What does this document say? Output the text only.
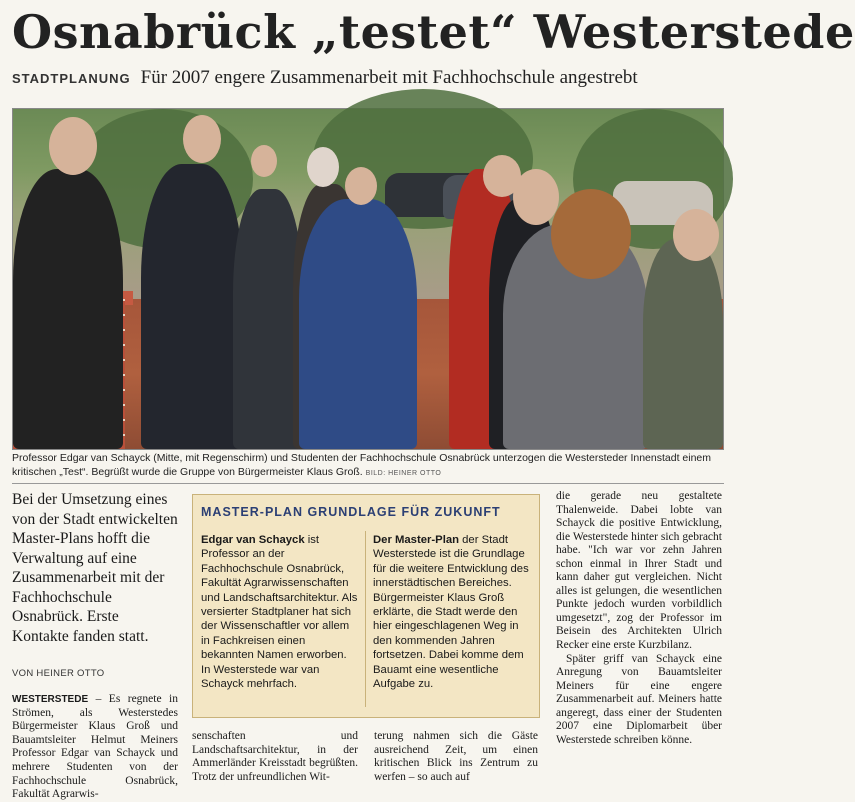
Osnabrück „testet“ Westerstede
STADTPLANUNG Für 2007 engere Zusammenarbeit mit Fachhochschule angestrebt
Professor Edgar van Schayck (Mitte, mit Regenschirm) und Studenten der Fachhochschule Osnabrück unterzogen die Westersteder Innenstadt einem kritischen „Test“. Begrüßt wurde die Gruppe von Bürgermeister Klaus Groß. BILD: HEINER OTTO

Bei der Umsetzung eines von der Stadt entwickelten Master-Plans hofft die Verwaltung auf eine Zusammenarbeit mit der Fachhochschule Osnabrück. Erste Kontakte fanden statt.

VON HEINER OTTO
WESTERSTEDE – Es regnete in Strömen, als Westerstedes Bürgermeister Klaus Groß und Bauamtsleiter Helmut Meiners Professor Edgar van Schayck und mehrere Studenten von der Fachhochschule Osnabrück, Fakultät Agrarwis-
MASTER-PLAN GRUNDLAGE FÜR ZUKUNFT
Edgar van Schayck ist Professor an der Fachhochschule Osnabrück, Fakultät Agrarwissenschaften und Landschaftsarchitektur. Als versierter Stadtplaner hat sich der Wissenschaftler vor allem in Fachkreisen einen bekannten Namen erworben. In Westerstede war van Schayck mehrfach.
Der Master-Plan der Stadt Westerstede ist die Grundlage für die weitere Entwicklung des innerstädtischen Bereiches. Bürgermeister Klaus Groß erklärte, die Stadt werde den hier eingeschlagenen Weg in den kommenden Jahren fortsetzen. Dabei komme dem Bauamt eine wesentliche Aufgabe zu.
senschaften und Landschaftsarchitektur, in der Ammerländer Kreisstadt begrüßten. Trotz der unfreundlichen Wit-
terung nahmen sich die Gäste ausreichend Zeit, um einen kritischen Blick ins Zentrum zu werfen – so auch auf

die gerade neu gestaltete Thalenweide. Dabei lobte van Schayck die positive Entwicklung, die Westerstede hinter sich gebracht habe. "Ich war vor zehn Jahren schon einmal in Ihrer Stadt und kann daher gut vergleichen. Nicht alles ist gelungen, die wesentlichen Punkte jedoch wurden vorbildlich umgesetzt", zog der Professor im Beisein des Architekten Ulrich Recker eine erste Kurzbilanz.

Später griff van Schayck eine Anregung von Bauamtsleiter Meiners für eine engere Zusammenarbeit auf. Meiners hatte angeregt, dass einer der Studenten 2007 eine Diplomarbeit über Westerstede schreiben könne.
